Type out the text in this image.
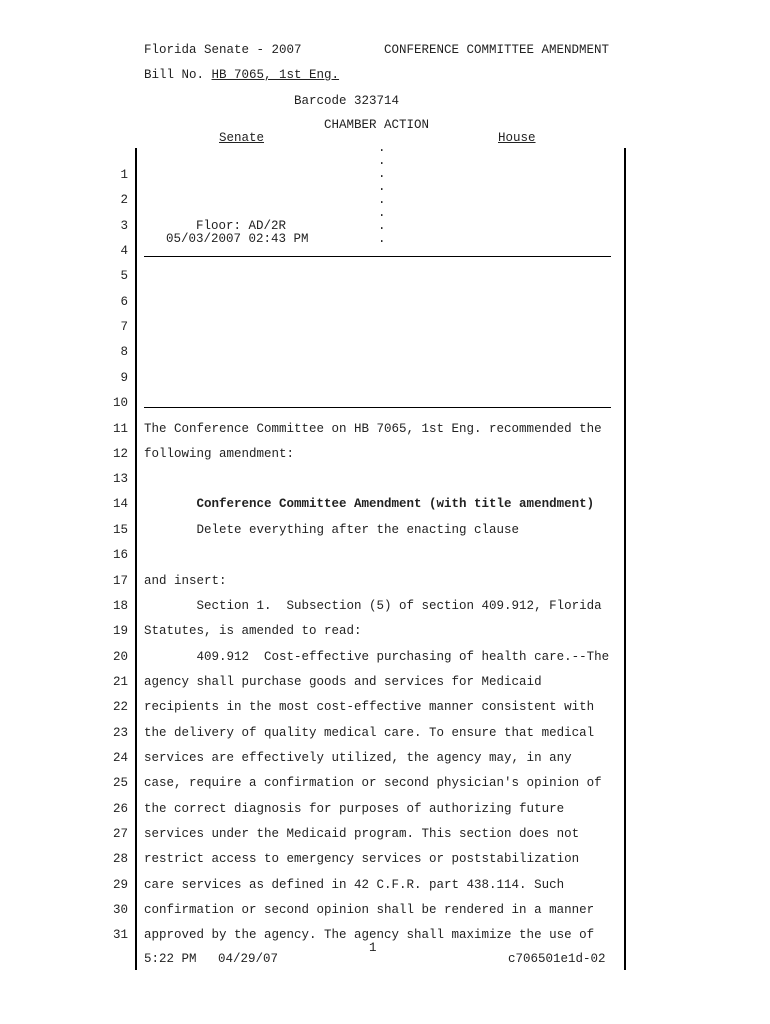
Florida Senate - 2007	CONFERENCE COMMITTEE AMENDMENT
Bill No. HB 7065, 1st Eng.
Barcode 323714
CHAMBER ACTION
Senate	House
.
.
.
.
.
.
.
.
Floor: AD/2R
05/03/2007 02:43 PM
1
2
3
4
5
6
7
8
9
10
11
12
13
14
15
16
17
18
19
20
21
22
23
24
25
26
27
28
29
30
31
The Conference Committee on HB 7065, 1st Eng. recommended the
following amendment:
Conference Committee Amendment (with title amendment)
Delete everything after the enacting clause
and insert:
Section 1.  Subsection (5) of section 409.912, Florida
Statutes, is amended to read:
409.912  Cost-effective purchasing of health care.--The
agency shall purchase goods and services for Medicaid
recipients in the most cost-effective manner consistent with
the delivery of quality medical care. To ensure that medical
services are effectively utilized, the agency may, in any
case, require a confirmation or second physician's opinion of
the correct diagnosis for purposes of authorizing future
services under the Medicaid program. This section does not
restrict access to emergency services or poststabilization
care services as defined in 42 C.F.R. part 438.114. Such
confirmation or second opinion shall be rendered in a manner
approved by the agency. The agency shall maximize the use of
1
5:22 PM 04/29/07	c706501e1d-02
